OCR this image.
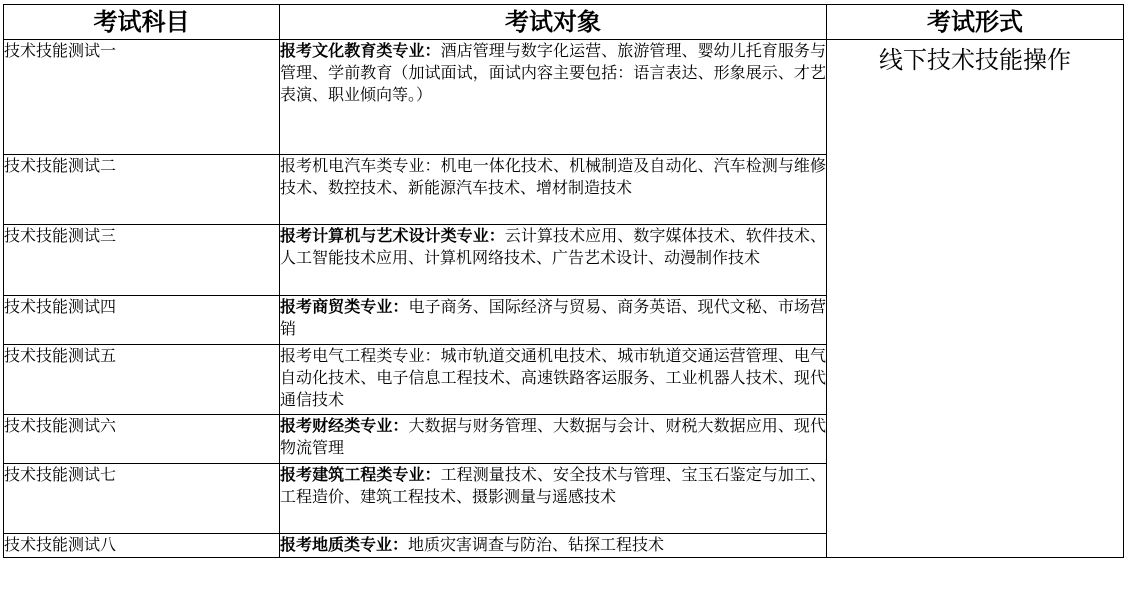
考试科目	考试对象	考试形式
技术技能测试一	报考文化教育类专业：酒店管理与数字化运营、旅游管理、婴幼儿托育服务与管理、学前教育（加试面试，面试内容主要包括：语言表达、形象展示、才艺表演、职业倾向等。）	线下技术技能操作
技术技能测试二	报考机电汽车类专业：机电一体化技术、机械制造及自动化、汽车检测与维修技术、数控技术、新能源汽车技术、增材制造技术	
技术技能测试三	报考计算机与艺术设计类专业：云计算技术应用、数字媒体技术、软件技术、人工智能技术应用、计算机网络技术、广告艺术设计、动漫制作技术	
技术技能测试四	报考商贸类专业：电子商务、国际经济与贸易、商务英语、现代文秘、市场营销	
技术技能测试五	报考电气工程类专业：城市轨道交通机电技术、城市轨道交通运营管理、电气自动化技术、电子信息工程技术、高速铁路客运服务、工业机器人技术、现代通信技术	
技术技能测试六	报考财经类专业：大数据与财务管理、大数据与会计、财税大数据应用、现代物流管理	
技术技能测试七	报考建筑工程类专业：工程测量技术、安全技术与管理、宝玉石鉴定与加工、工程造价、建筑工程技术、摄影测量与遥感技术	
技术技能测试八	报考地质类专业：地质灾害调查与防治、钻探工程技术	
